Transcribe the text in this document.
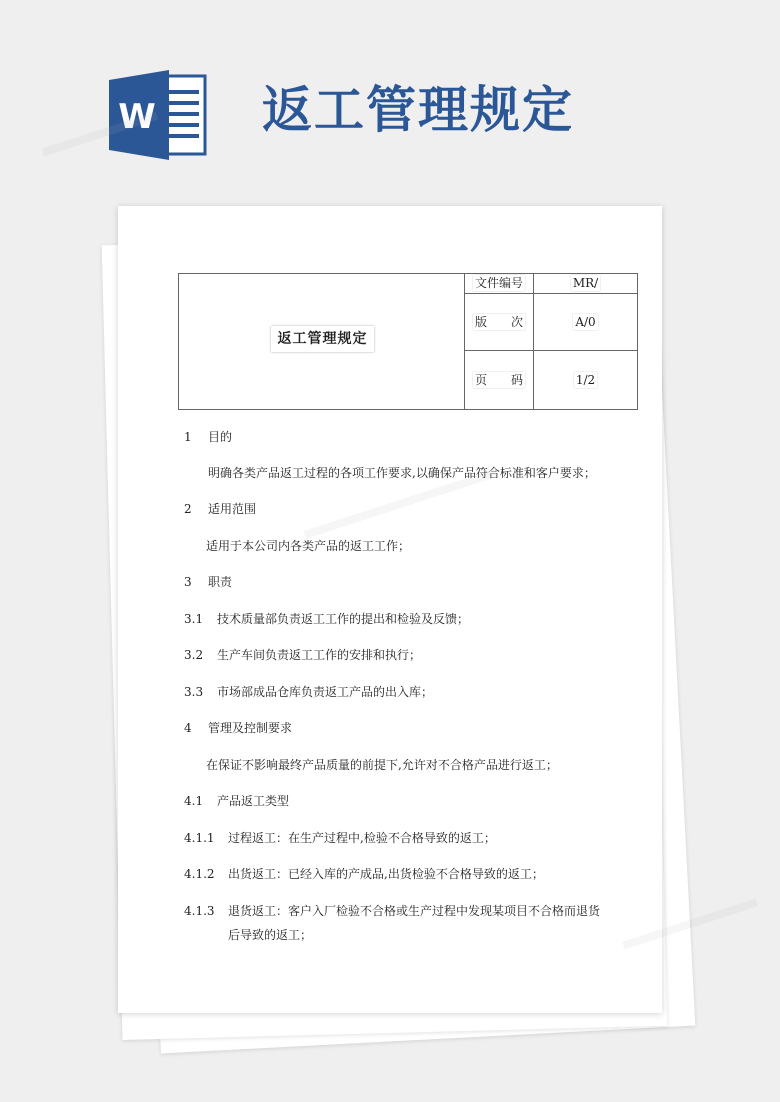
W 返工管理规定
返工管理规定
文件编号
版　　次
页　　码
MR/
A/0
1/2
1 目的
明确各类产品返工过程的各项工作要求,以确保产品符合标准和客户要求；
2 适用范围
适用于本公司内各类产品的返工工作；
3 职责
3.1 技术质量部负责返工工作的提出和检验及反馈；
3.2 生产车间负责返工工作的安排和执行；
3.3 市场部成品仓库负责返工产品的出入库；
4 管理及控制要求
在保证不影响最终产品质量的前提下,允许对不合格产品进行返工；
4.1 产品返工类型
4.1.1 过程返工：在生产过程中,检验不合格导致的返工；
4.1.2 出货返工：已经入库的产成品,出货检验不合格导致的返工；
4.1.3	退货返工：客户入厂检验不合格或生产过程中发现某项目不合格而退货后导致的返工；
